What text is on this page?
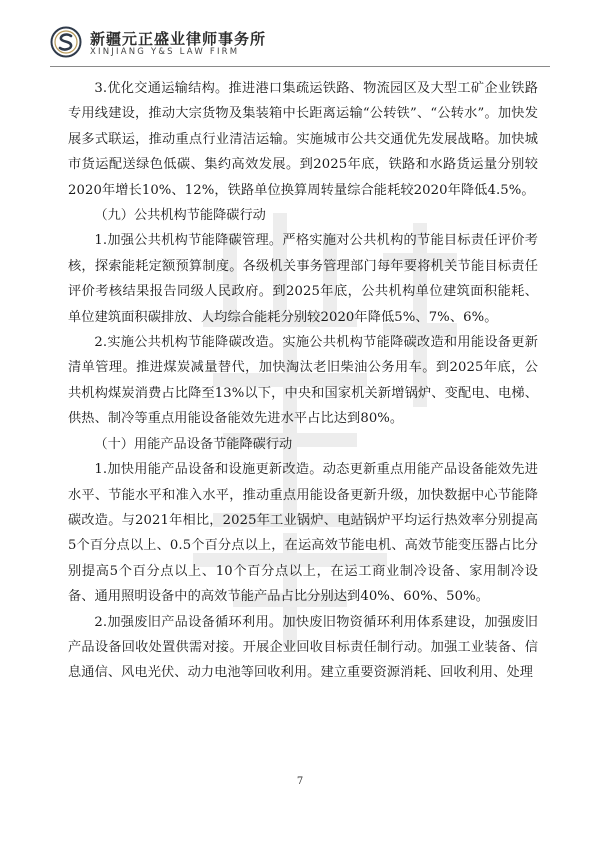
新疆元正盛业律师事务所
XINJIANG Y&S LAW FIRM

3.优化交通运输结构。推进港口集疏运铁路、物流园区及大型工矿企业铁路专用线建设，推动大宗货物及集装箱中长距离运输“公转铁”、“公转水”。加快发展多式联运，推动重点行业清洁运输。实施城市公共交通优先发展战略。加快城市货运配送绿色低碳、集约高效发展。到2025年底，铁路和水路货运量分别较2020年增长10%、12%，铁路单位换算周转量综合能耗较2020年降低4.5%。

（九）公共机构节能降碳行动

1.加强公共机构节能降碳管理。严格实施对公共机构的节能目标责任评价考核，探索能耗定额预算制度。各级机关事务管理部门每年要将机关节能目标责任评价考核结果报告同级人民政府。到2025年底，公共机构单位建筑面积能耗、单位建筑面积碳排放、人均综合能耗分别较2020年降低5%、7%、6%。

2.实施公共机构节能降碳改造。实施公共机构节能降碳改造和用能设备更新清单管理。推进煤炭减量替代，加快淘汰老旧柴油公务用车。到2025年底，公共机构煤炭消费占比降至13%以下，中央和国家机关新增锅炉、变配电、电梯、供热、制冷等重点用能设备能效先进水平占比达到80%。

（十）用能产品设备节能降碳行动

1.加快用能产品设备和设施更新改造。动态更新重点用能产品设备能效先进水平、节能水平和准入水平，推动重点用能设备更新升级，加快数据中心节能降碳改造。与2021年相比，2025年工业锅炉、电站锅炉平均运行热效率分别提高5个百分点以上、0.5个百分点以上，在运高效节能电机、高效节能变压器占比分别提高5个百分点以上、10个百分点以上，在运工商业制冷设备、家用制冷设备、通用照明设备中的高效节能产品占比分别达到40%、60%、50%。

2.加强废旧产品设备循环利用。加快废旧物资循环利用体系建设，加强废旧产品设备回收处置供需对接。开展企业回收目标责任制行动。加强工业装备、信息通信、风电光伏、动力电池等回收利用。建立重要资源消耗、回收利用、处理

7
